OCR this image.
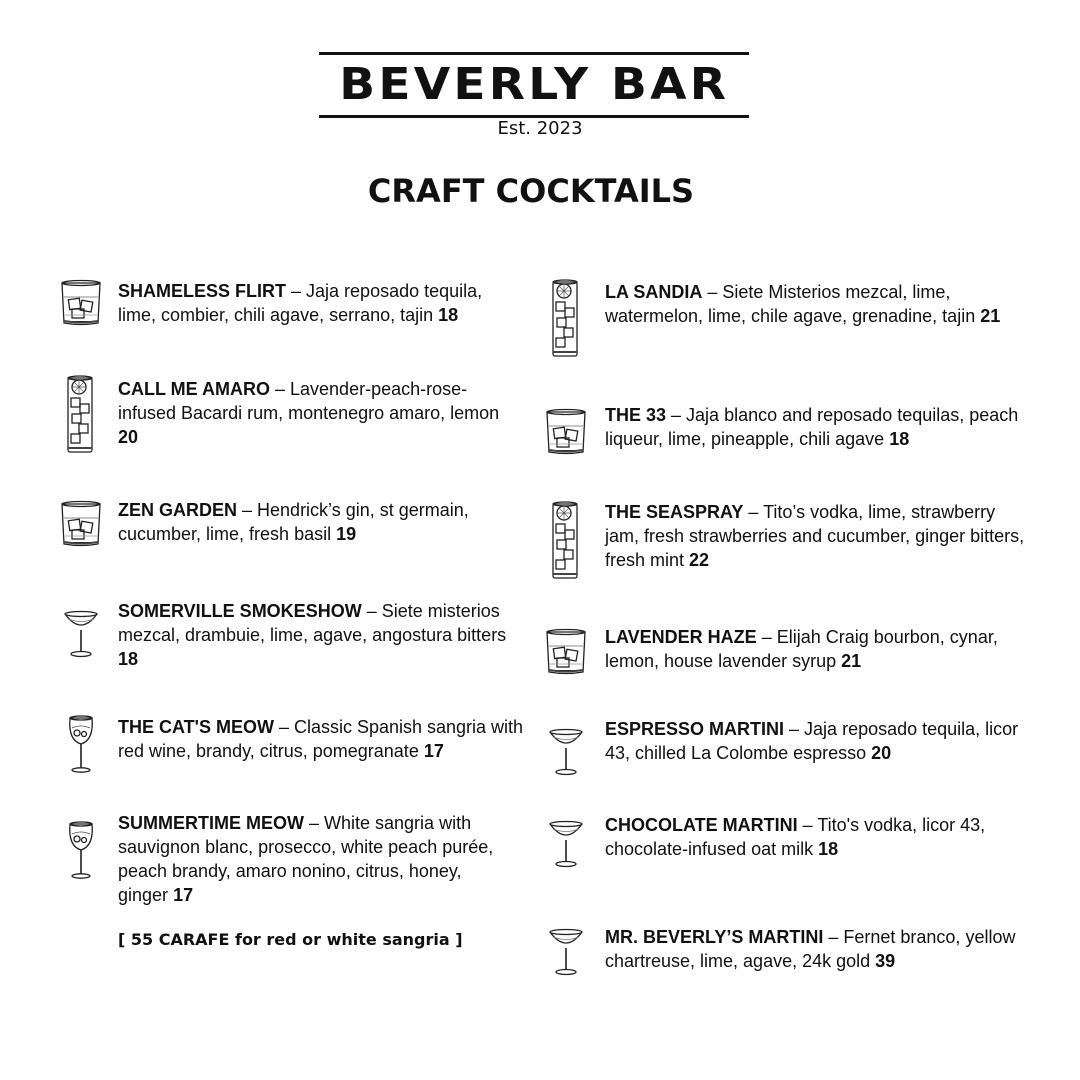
BEVERLY BAR
Est. 2023
CRAFT COCKTAILS
SHAMELESS FLIRT – Jaja reposado tequila, lime, combier, chili agave, serrano, tajin 18
CALL ME AMARO – Lavender-peach-rose-infused Bacardi rum, montenegro amaro, lemon 20
ZEN GARDEN – Hendrick’s gin, st germain, cucumber, lime, fresh basil 19
SOMERVILLE SMOKESHOW – Siete misterios mezcal, drambuie, lime, agave, angostura bitters 18
THE CAT'S MEOW – Classic Spanish sangria with red wine, brandy, citrus, pomegranate 17
SUMMERTIME MEOW – White sangria with sauvignon blanc, prosecco, white peach purée, peach brandy, amaro nonino, citrus, honey, ginger 17
LA SANDIA – Siete Misterios mezcal, lime, watermelon, lime, chile agave, grenadine, tajin 21
THE 33 – Jaja blanco and reposado tequilas, peach liqueur, lime, pineapple, chili agave 18
THE SEASPRAY – Tito’s vodka, lime, strawberry jam, fresh strawberries and cucumber, ginger bitters, fresh mint 22
LAVENDER HAZE – Elijah Craig bourbon, cynar, lemon, house lavender syrup 21
ESPRESSO MARTINI – Jaja reposado tequila, licor 43, chilled La Colombe espresso 20
CHOCOLATE MARTINI – Tito's vodka, licor 43, chocolate-infused oat milk 18
MR. BEVERLY’S MARTINI – Fernet branco, yellow chartreuse, lime, agave, 24k gold 39
[ 55 CARAFE for red or white sangria ]
